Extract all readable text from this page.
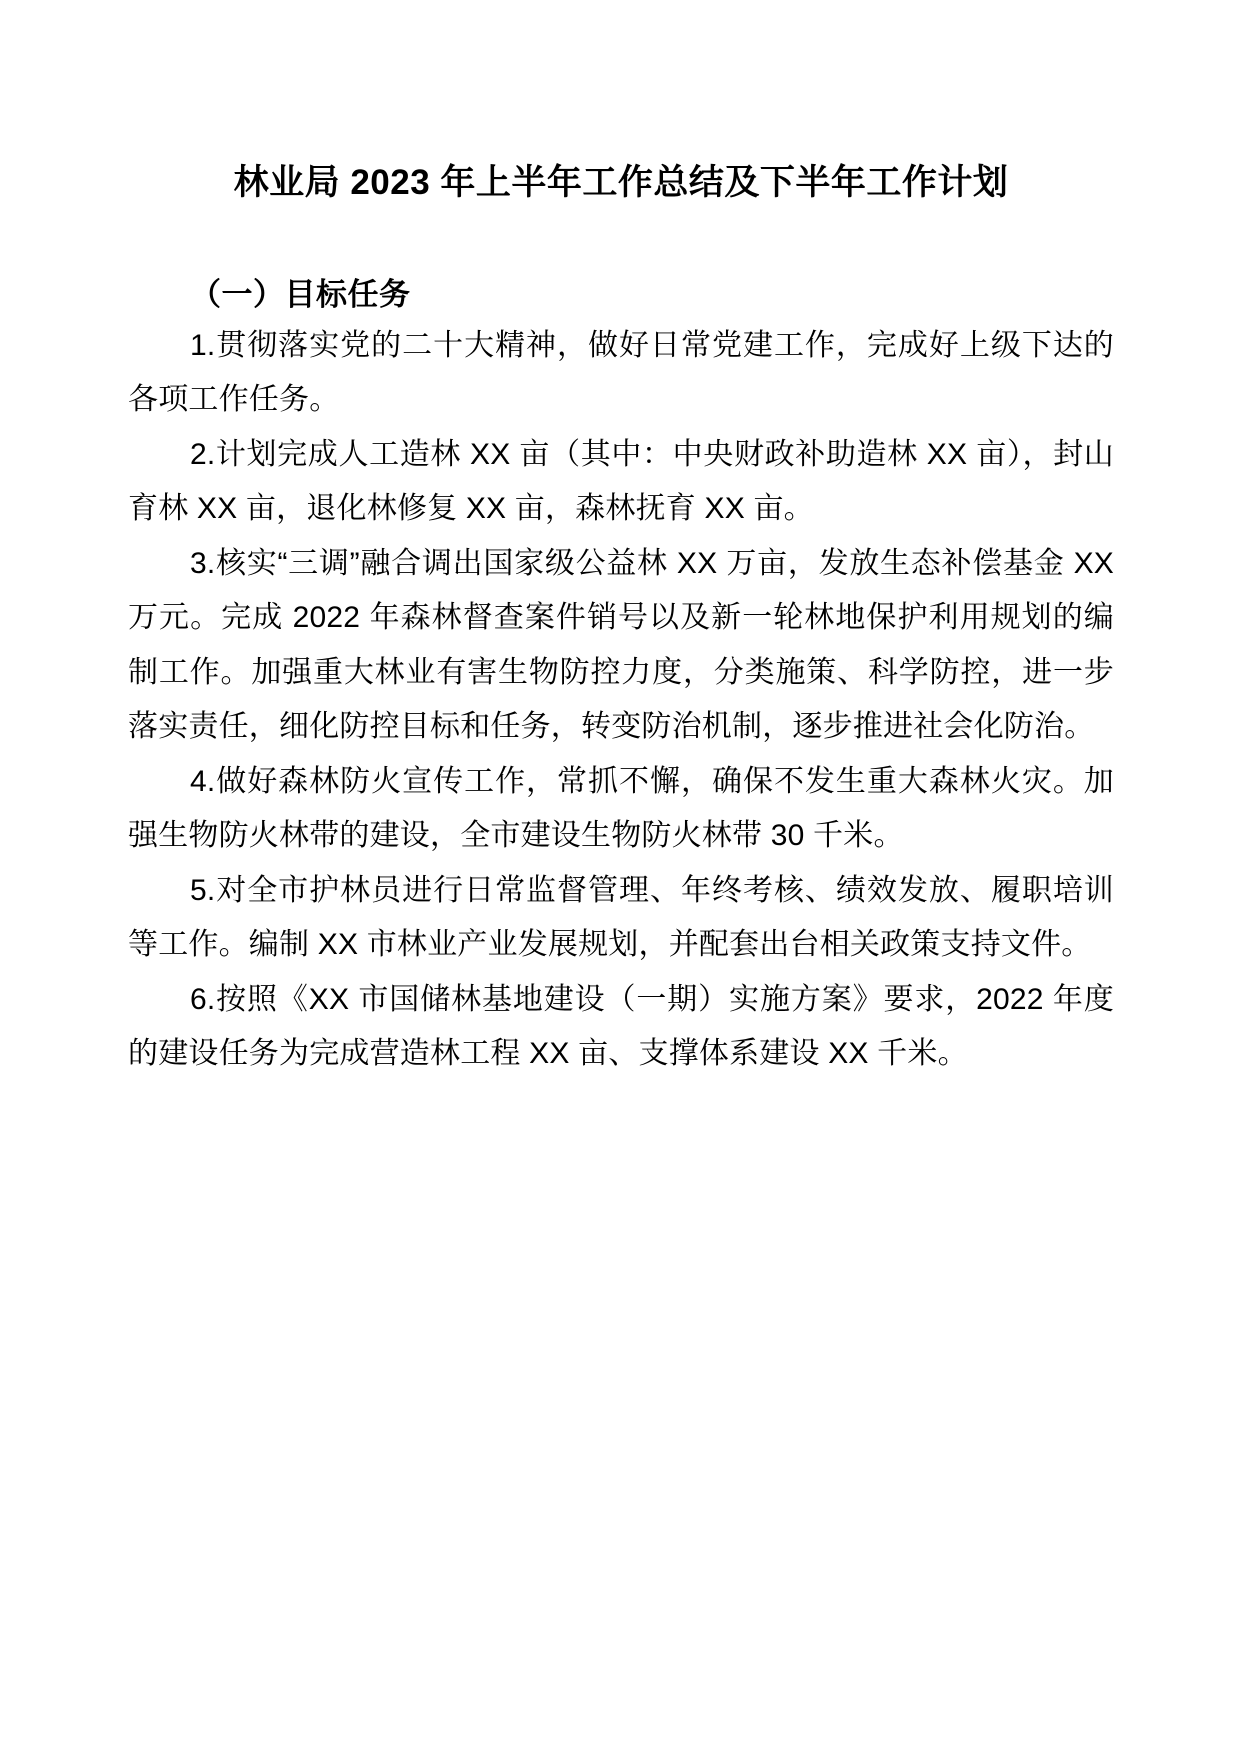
林业局 2023 年上半年工作总结及下半年工作计划
（一）目标任务

1.贯彻落实党的二十大精神，做好日常党建工作，完成好上级下达的各项工作任务。

2.计划完成人工造林 XX 亩（其中：中央财政补助造林 XX 亩），封山育林 XX 亩，退化林修复 XX 亩，森林抚育 XX 亩。

3.核实“三调”融合调出国家级公益林 XX 万亩，发放生态补偿基金 XX 万元。完成 2022 年森林督查案件销号以及新一轮林地保护利用规划的编制工作。加强重大林业有害生物防控力度，分类施策、科学防控，进一步落实责任，细化防控目标和任务，转变防治机制，逐步推进社会化防治。

4.做好森林防火宣传工作，常抓不懈，确保不发生重大森林火灾。加强生物防火林带的建设，全市建设生物防火林带 30 千米。

5.对全市护林员进行日常监督管理、年终考核、绩效发放、履职培训等工作。编制 XX 市林业产业发展规划，并配套出台相关政策支持文件。

6.按照《XX 市国储林基地建设（一期）实施方案》要求，2022 年度的建设任务为完成营造林工程 XX 亩、支撑体系建设 XX 千米。
